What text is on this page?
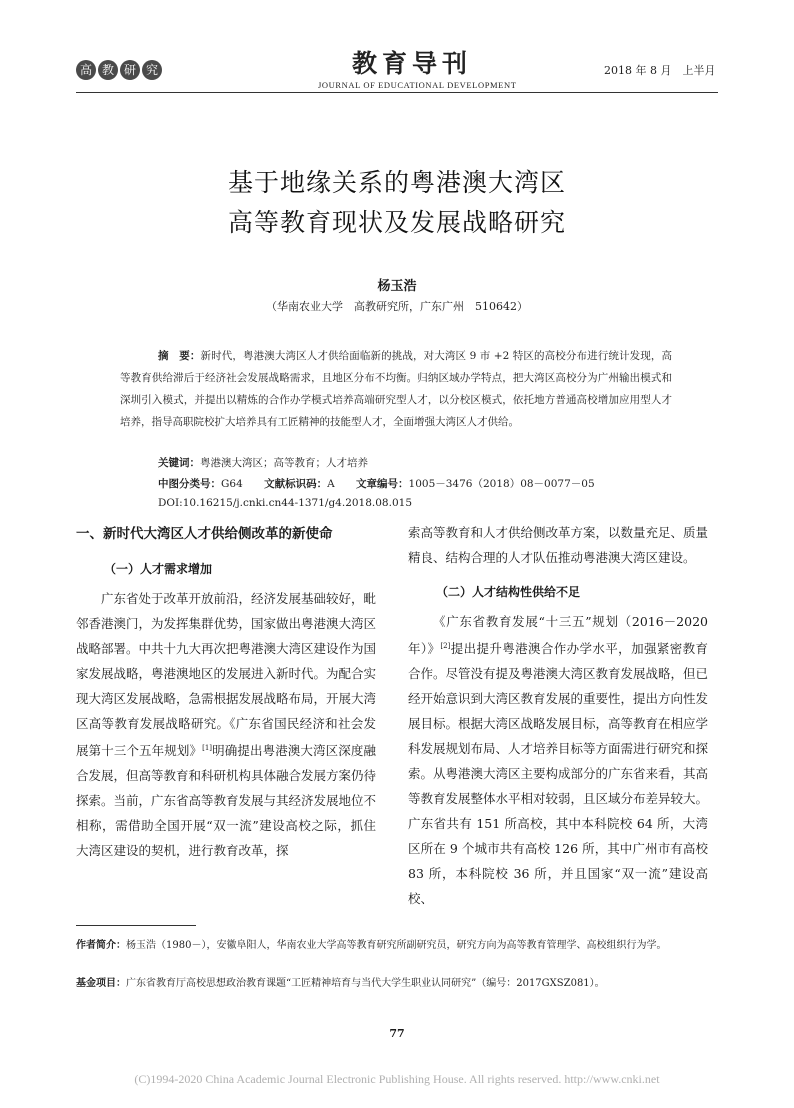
高 教 研 究	教育导刊
JOURNAL OF EDUCATIONAL DEVELOPMENT
2018 年 8 月　上半月
基于地缘关系的粤港澳大湾区
高等教育现状及发展战略研究
杨玉浩
（华南农业大学　高教研究所，广东广州　510642）
摘　要：新时代，粤港澳大湾区人才供给面临新的挑战，对大湾区 9 市 +2 特区的高校分布进行统计发现，高等教育供给滞后于经济社会发展战略需求，且地区分布不均衡。归纳区域办学特点，把大湾区高校分为广州输出模式和深圳引入模式，并提出以精炼的合作办学模式培养高端研究型人才，以分校区模式，依托地方普通高校增加应用型人才培养，指导高职院校扩大培养具有工匠精神的技能型人才，全面增强大湾区人才供给。
关键词：粤港澳大湾区；高等教育；人才培养
中图分类号：G64 文献标识码：A 文章编号：1005－3476（2018）08－0077－05
DOI:10.16215/j.cnki.cn44-1371/g4.2018.08.015
一、新时代大湾区人才供给侧改革的新使命
（一）人才需求增加

广东省处于改革开放前沿，经济发展基础较好，毗邻香港澳门，为发挥集群优势，国家做出粤港澳大湾区战略部署。中共十九大再次把粤港澳大湾区建设作为国家发展战略，粤港澳地区的发展进入新时代。为配合实现大湾区发展战略，急需根据发展战略布局，开展大湾区高等教育发展战略研究。《广东省国民经济和社会发展第十三个五年规划》[1]明确提出粤港澳大湾区深度融合发展，但高等教育和科研机构具体融合发展方案仍待探索。当前，广东省高等教育发展与其经济发展地位不相称，需借助全国开展“双一流”建设高校之际，抓住大湾区建设的契机，进行教育改革，探

索高等教育和人才供给侧改革方案，以数量充足、质量精良、结构合理的人才队伍推动粤港澳大湾区建设。

（二）人才结构性供给不足

《广东省教育发展“十三五”规划（2016－2020 年）》[2]提出提升粤港澳合作办学水平，加强紧密教育合作。尽管没有提及粤港澳大湾区教育发展战略，但已经开始意识到大湾区教育发展的重要性，提出方向性发展目标。根据大湾区战略发展目标，高等教育在相应学科发展规划布局、人才培养目标等方面需进行研究和探索。从粤港澳大湾区主要构成部分的广东省来看，其高等教育发展整体水平相对较弱，且区域分布差异较大。广东省共有 151 所高校，其中本科院校 64 所，大湾区所在 9 个城市共有高校 126 所，其中广州市有高校 83 所，本科院校 36 所，并且国家“双一流”建设高校、

作者简介：杨玉浩（1980－），安徽阜阳人，华南农业大学高等教育研究所副研究员，研究方向为高等教育管理学、高校组织行为学。
基金项目：广东省教育厅高校思想政治教育课题“工匠精神培育与当代大学生职业认同研究”（编号：2017GXSZ081）。
77
(C)1994-2020 China Academic Journal Electronic Publishing House. All rights reserved. http://www.cnki.net
